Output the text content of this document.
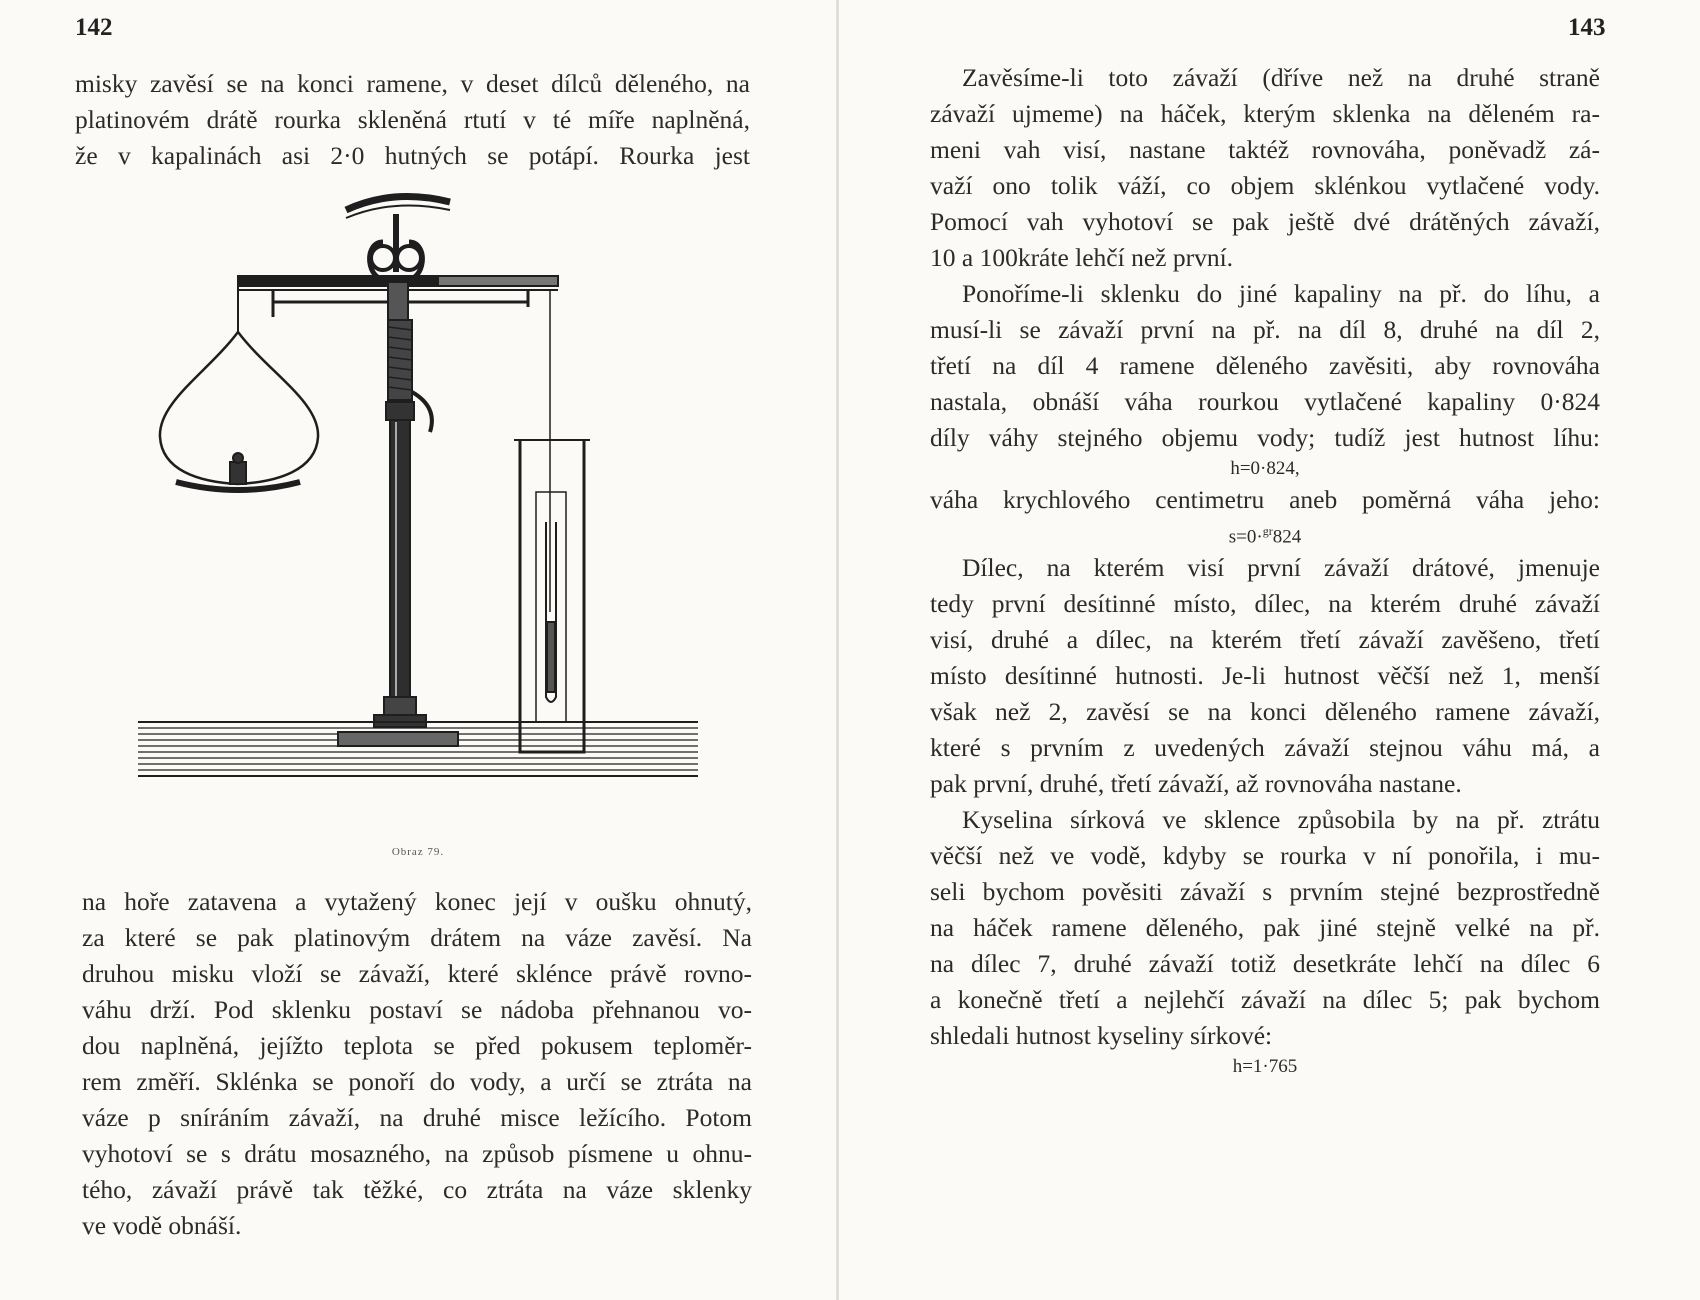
142
misky zavěsí se na konci ramene, v deset dílců děleného, na
platinovém drátě rourka skleněná rtutí v té míře naplněná,
že v kapalinách asi 2·0 hutných se potápí. Rourka jest
Obraz 79.
na hoře zatavena a vytažený konec její v oušku ohnutý,
za které se pak platinovým drátem na váze zavěsí. Na
druhou misku vloží se závaží, které sklénce právě rovno-
váhu drží. Pod sklenku postaví se nádoba přehnanou vo-
dou naplněná, jejížto teplota se před pokusem teploměr-
rem změří. Sklénka se ponoří do vody, a určí se ztráta na
váze p sníráním závaží, na druhé misce ležícího. Potom
vyhotoví se s drátu mosazného, na způsob písmene u ohnu-
tého, závaží právě tak těžké, co ztráta na váze sklenky
ve vodě obnáší.
143
Zavěsíme-li toto závaží (dříve než na druhé straně
závaží ujmeme) na háček, kterým sklenka na děleném ra-
meni vah visí, nastane taktéž rovnováha, poněvadž zá-
važí ono tolik váží, co objem sklénkou vytlačené vody.
Pomocí vah vyhotoví se pak ještě dvé drátěných závaží,
10 a 100kráte lehčí než první.
Ponoříme-li sklenku do jiné kapaliny na př. do líhu, a
musí-li se závaží první na př. na díl 8, druhé na díl 2,
třetí na díl 4 ramene děleného zavěsiti, aby rovnováha
nastala, obnáší váha rourkou vytlačené kapaliny 0·824
díly váhy stejného objemu vody; tudíž jest hutnost líhu:
h=0·824,
váha krychlového centimetru aneb poměrná váha jeho:
s=0·$^{gr}$824
Dílec, na kterém visí první závaží drátové, jmenuje
tedy první desítinné místo, dílec, na kterém druhé závaží
visí, druhé a dílec, na kterém třetí závaží zavěšeno, třetí
místo desítinné hutnosti. Je-li hutnost věčší než 1, menší
však než 2, zavěsí se na konci děleného ramene závaží,
které s prvním z uvedených závaží stejnou váhu má, a
pak první, druhé, třetí závaží, až rovnováha nastane.
Kyselina sírková ve sklence způsobila by na př. ztrátu
věčší než ve vodě, kdyby se rourka v ní ponořila, i mu-
seli bychom pověsiti závaží s prvním stejné bezprostředně
na háček ramene děleného, pak jiné stejně velké na př.
na dílec 7, druhé závaží totiž desetkráte lehčí na dílec 6
a konečně třetí a nejlehčí závaží na dílec 5; pak bychom
shledali hutnost kyseliny sírkové:
h=1·765
